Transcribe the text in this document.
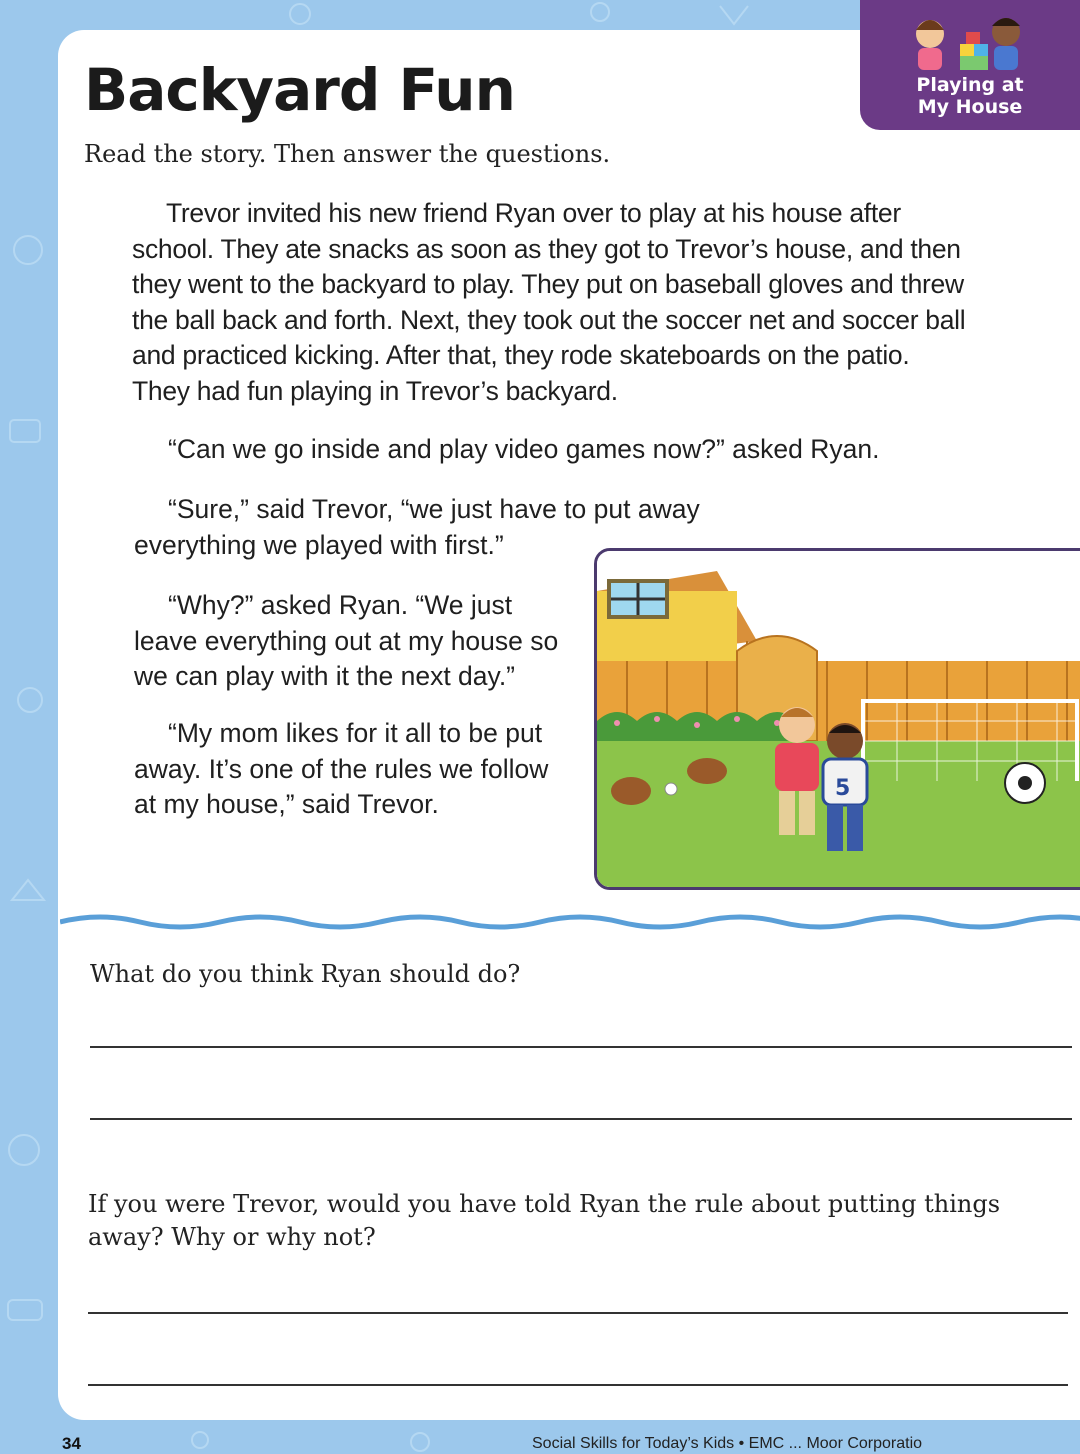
Playing at
My House
Backyard Fun
Read the story. Then answer the questions.

Trevor invited his new friend Ryan over to play at his house after school. They ate snacks as soon as they got to Trevor’s house, and then they went to the backyard to play. They put on baseball gloves and threw the ball back and forth. Next, they took out the soccer net and soccer ball and practiced kicking. After that, they rode skateboards on the patio. They had fun playing in Trevor’s backyard.

“Can we go inside and play video games now?” asked Ryan.

“Sure,” said Trevor, “we just have to put away everything we played with first.”

“Why?” asked Ryan. “We just leave everything out at my house so we can play with it the next day.”

“My mom likes for it all to be put away. It’s one of the rules we follow at my house,” said Trevor.

5

What do you think Ryan should do?

If you were Trevor, would you have told Ryan the rule about putting things away? Why or why not?

34	Social Skills for Today’s Kids • EMC ... Moor Corporatio
